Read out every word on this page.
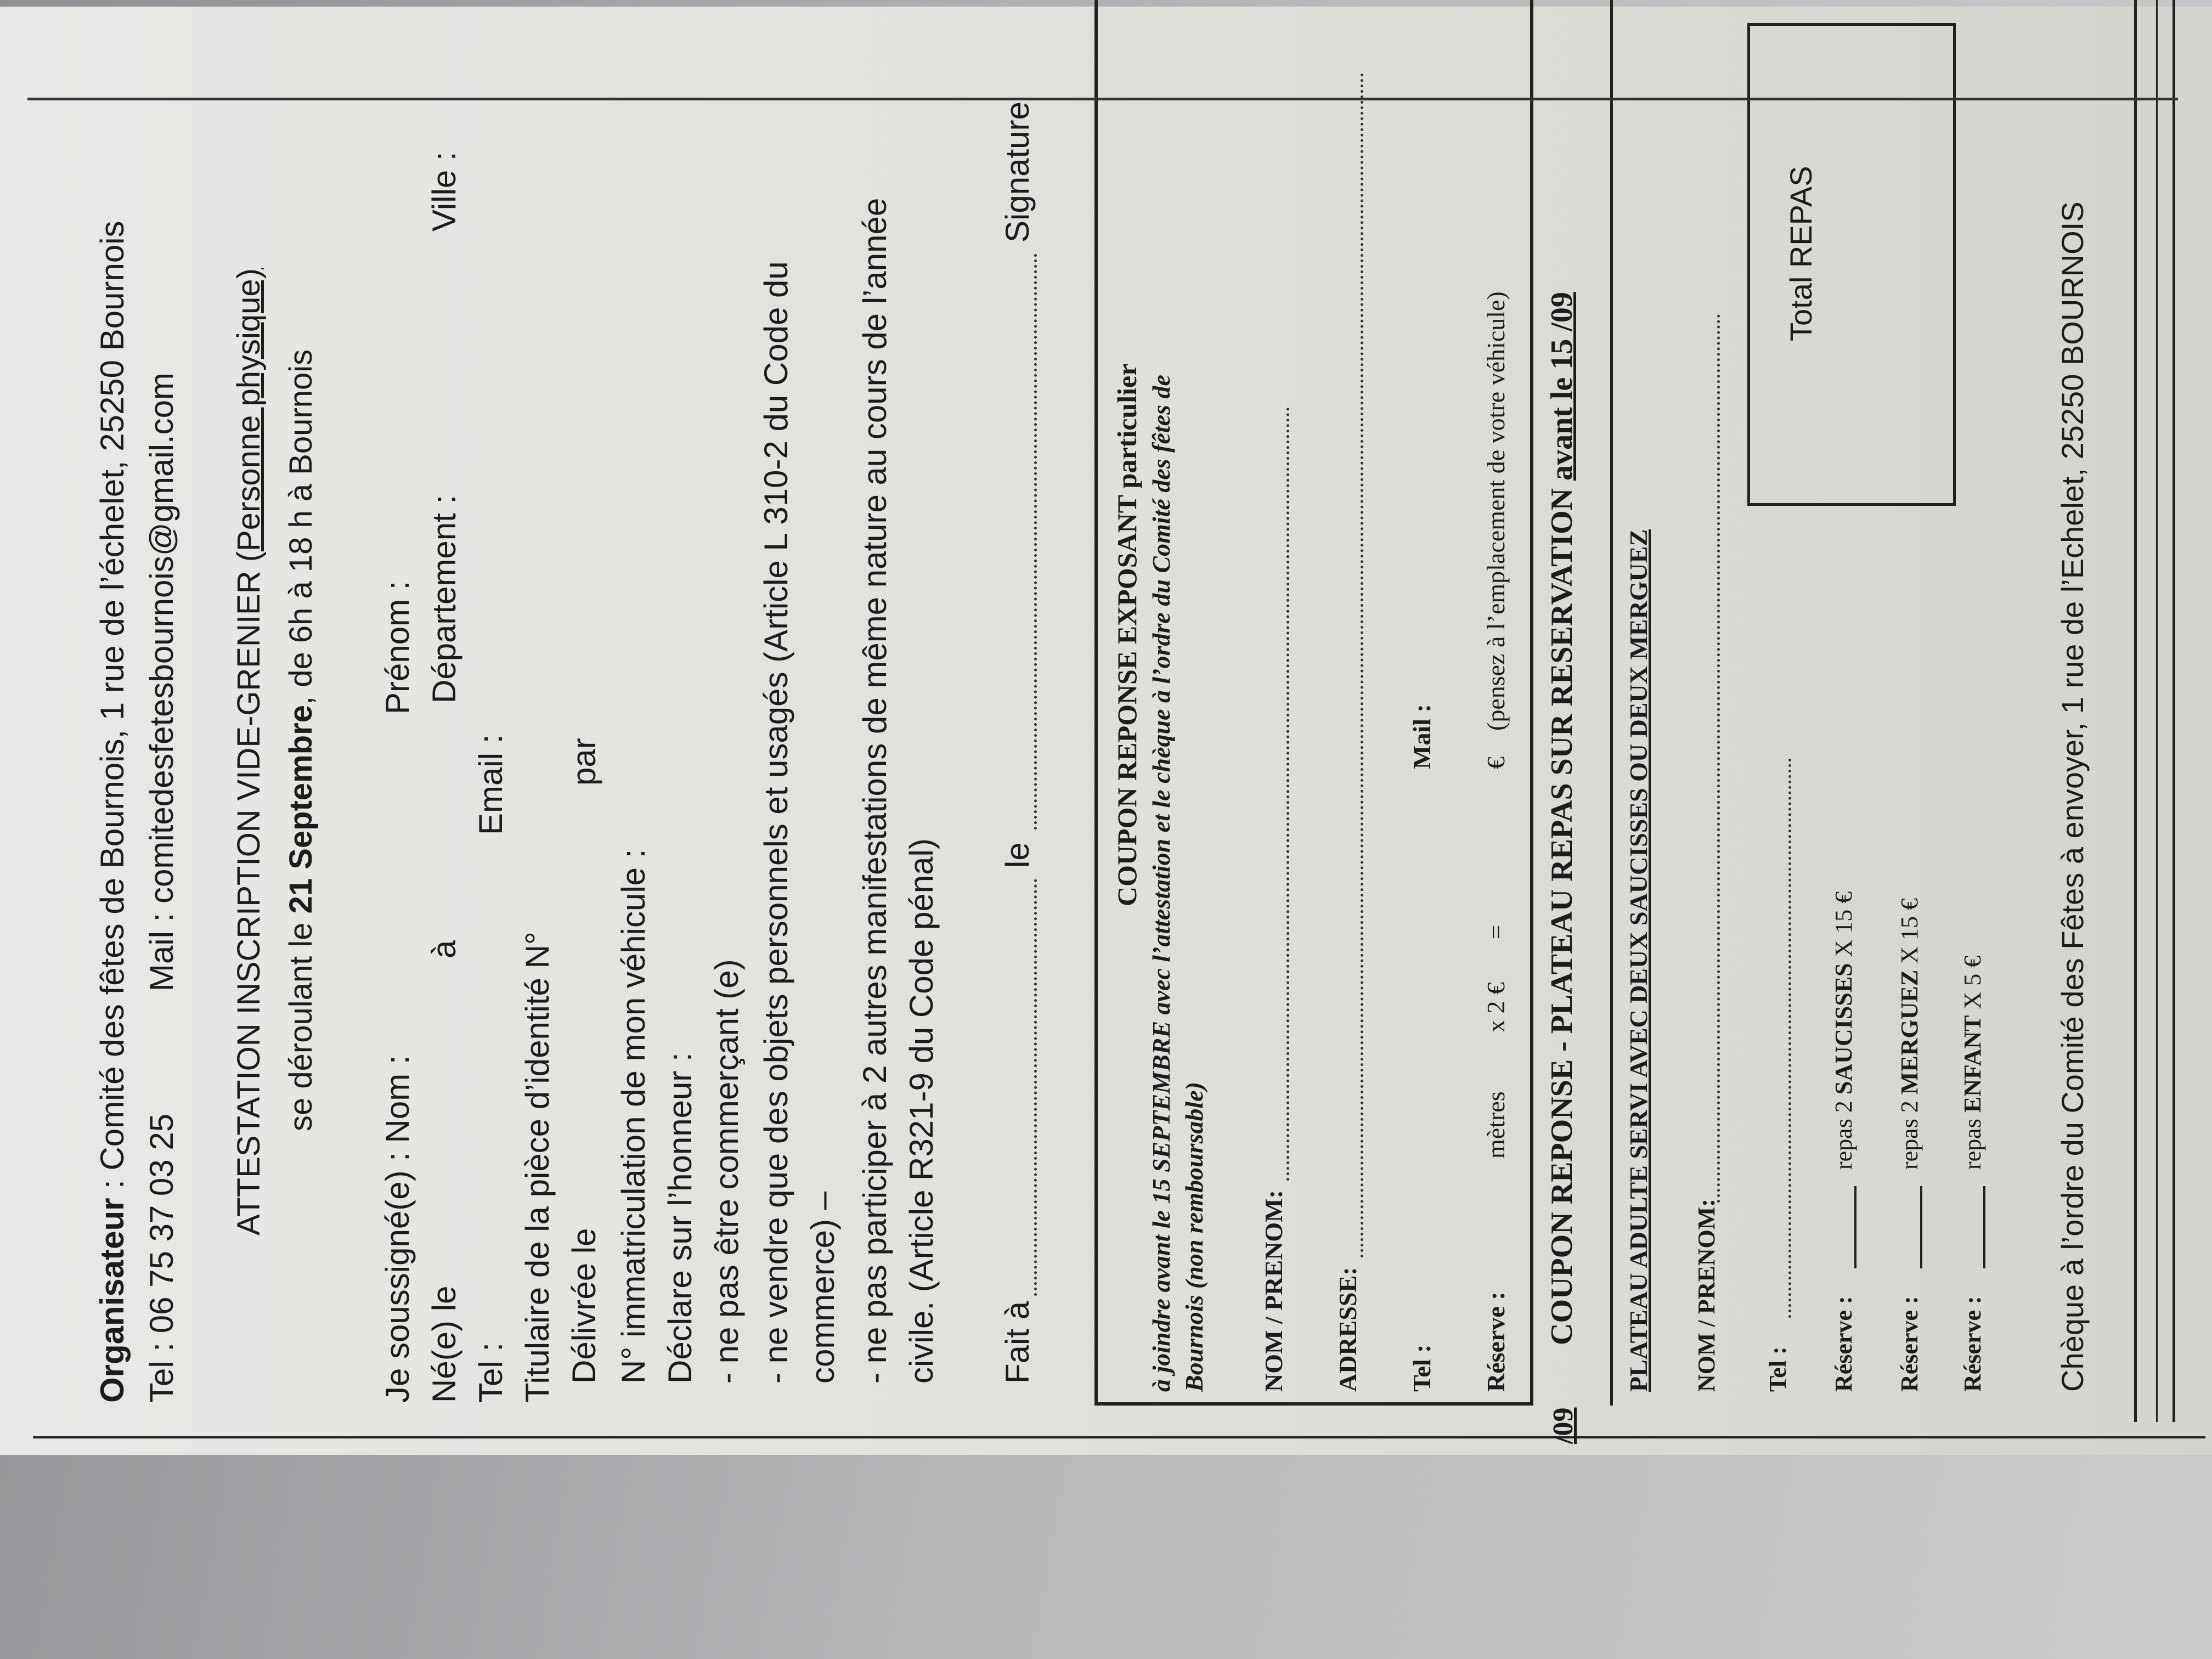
Organisateur : Comité des fêtes de Bournois, 1 rue de l’échelet, 25250 Bournois
Tel : 06 75 37 03 25
Mail : comitedesfetesbournois@gmail.com ATTESTATION INSCRIPTION VIDE-GRENIER (Personne physique)
se déroulant le 21 Septembre, de 6h à 18 h à Bournois
Je soussigné(e) : Nom :
Prénom :
Né(e) le
à
Département :
Ville :
Tel :
Email :
Titulaire de la pièce d’identité N° Délivrée le
par
N° immatriculation de mon véhicule : Déclare sur l’honneur : - ne pas être commerçant (e) - ne vendre que des objets personnels et usagés (Article L 310-2 du Code du commerce) – - ne pas participer à 2 autres manifestations de même nature au cours de l’année civile. (Article R321-9 du Code pénal) Fait à
le
Signature
COUPON REPONSE EXPOSANT particulier
à joindre avant le 15 SEPTEMBRE avec l’attestation et le chèque à l’ordre du Comité des fêtes de
Bournois (non remboursable) NOM / PRENOM: ADRESSE: Tel :
Mail :
Réserve :
mètres
x 2 €
=
€
(pensez à l’emplacement de votre véhicule) COUPON REPONSE - PLATEAU REPAS SUR RESERVATION avant le 15 /09
PLATEAU ADULTE SERVI AVEC DEUX SAUCISSES OU DEUX MERGUEZ NOM / PRENOM: Tel :
Total REPAS
Réserve :
repas 2 SAUCISSES X 15 €
Réserve :
repas 2 MERGUEZ X 15 €
Réserve :
repas ENFANT X 5 € Chèque à l’ordre du Comité des Fêtes à envoyer, 1 rue de l’Echelet, 25250 BOURNOIS
/09
